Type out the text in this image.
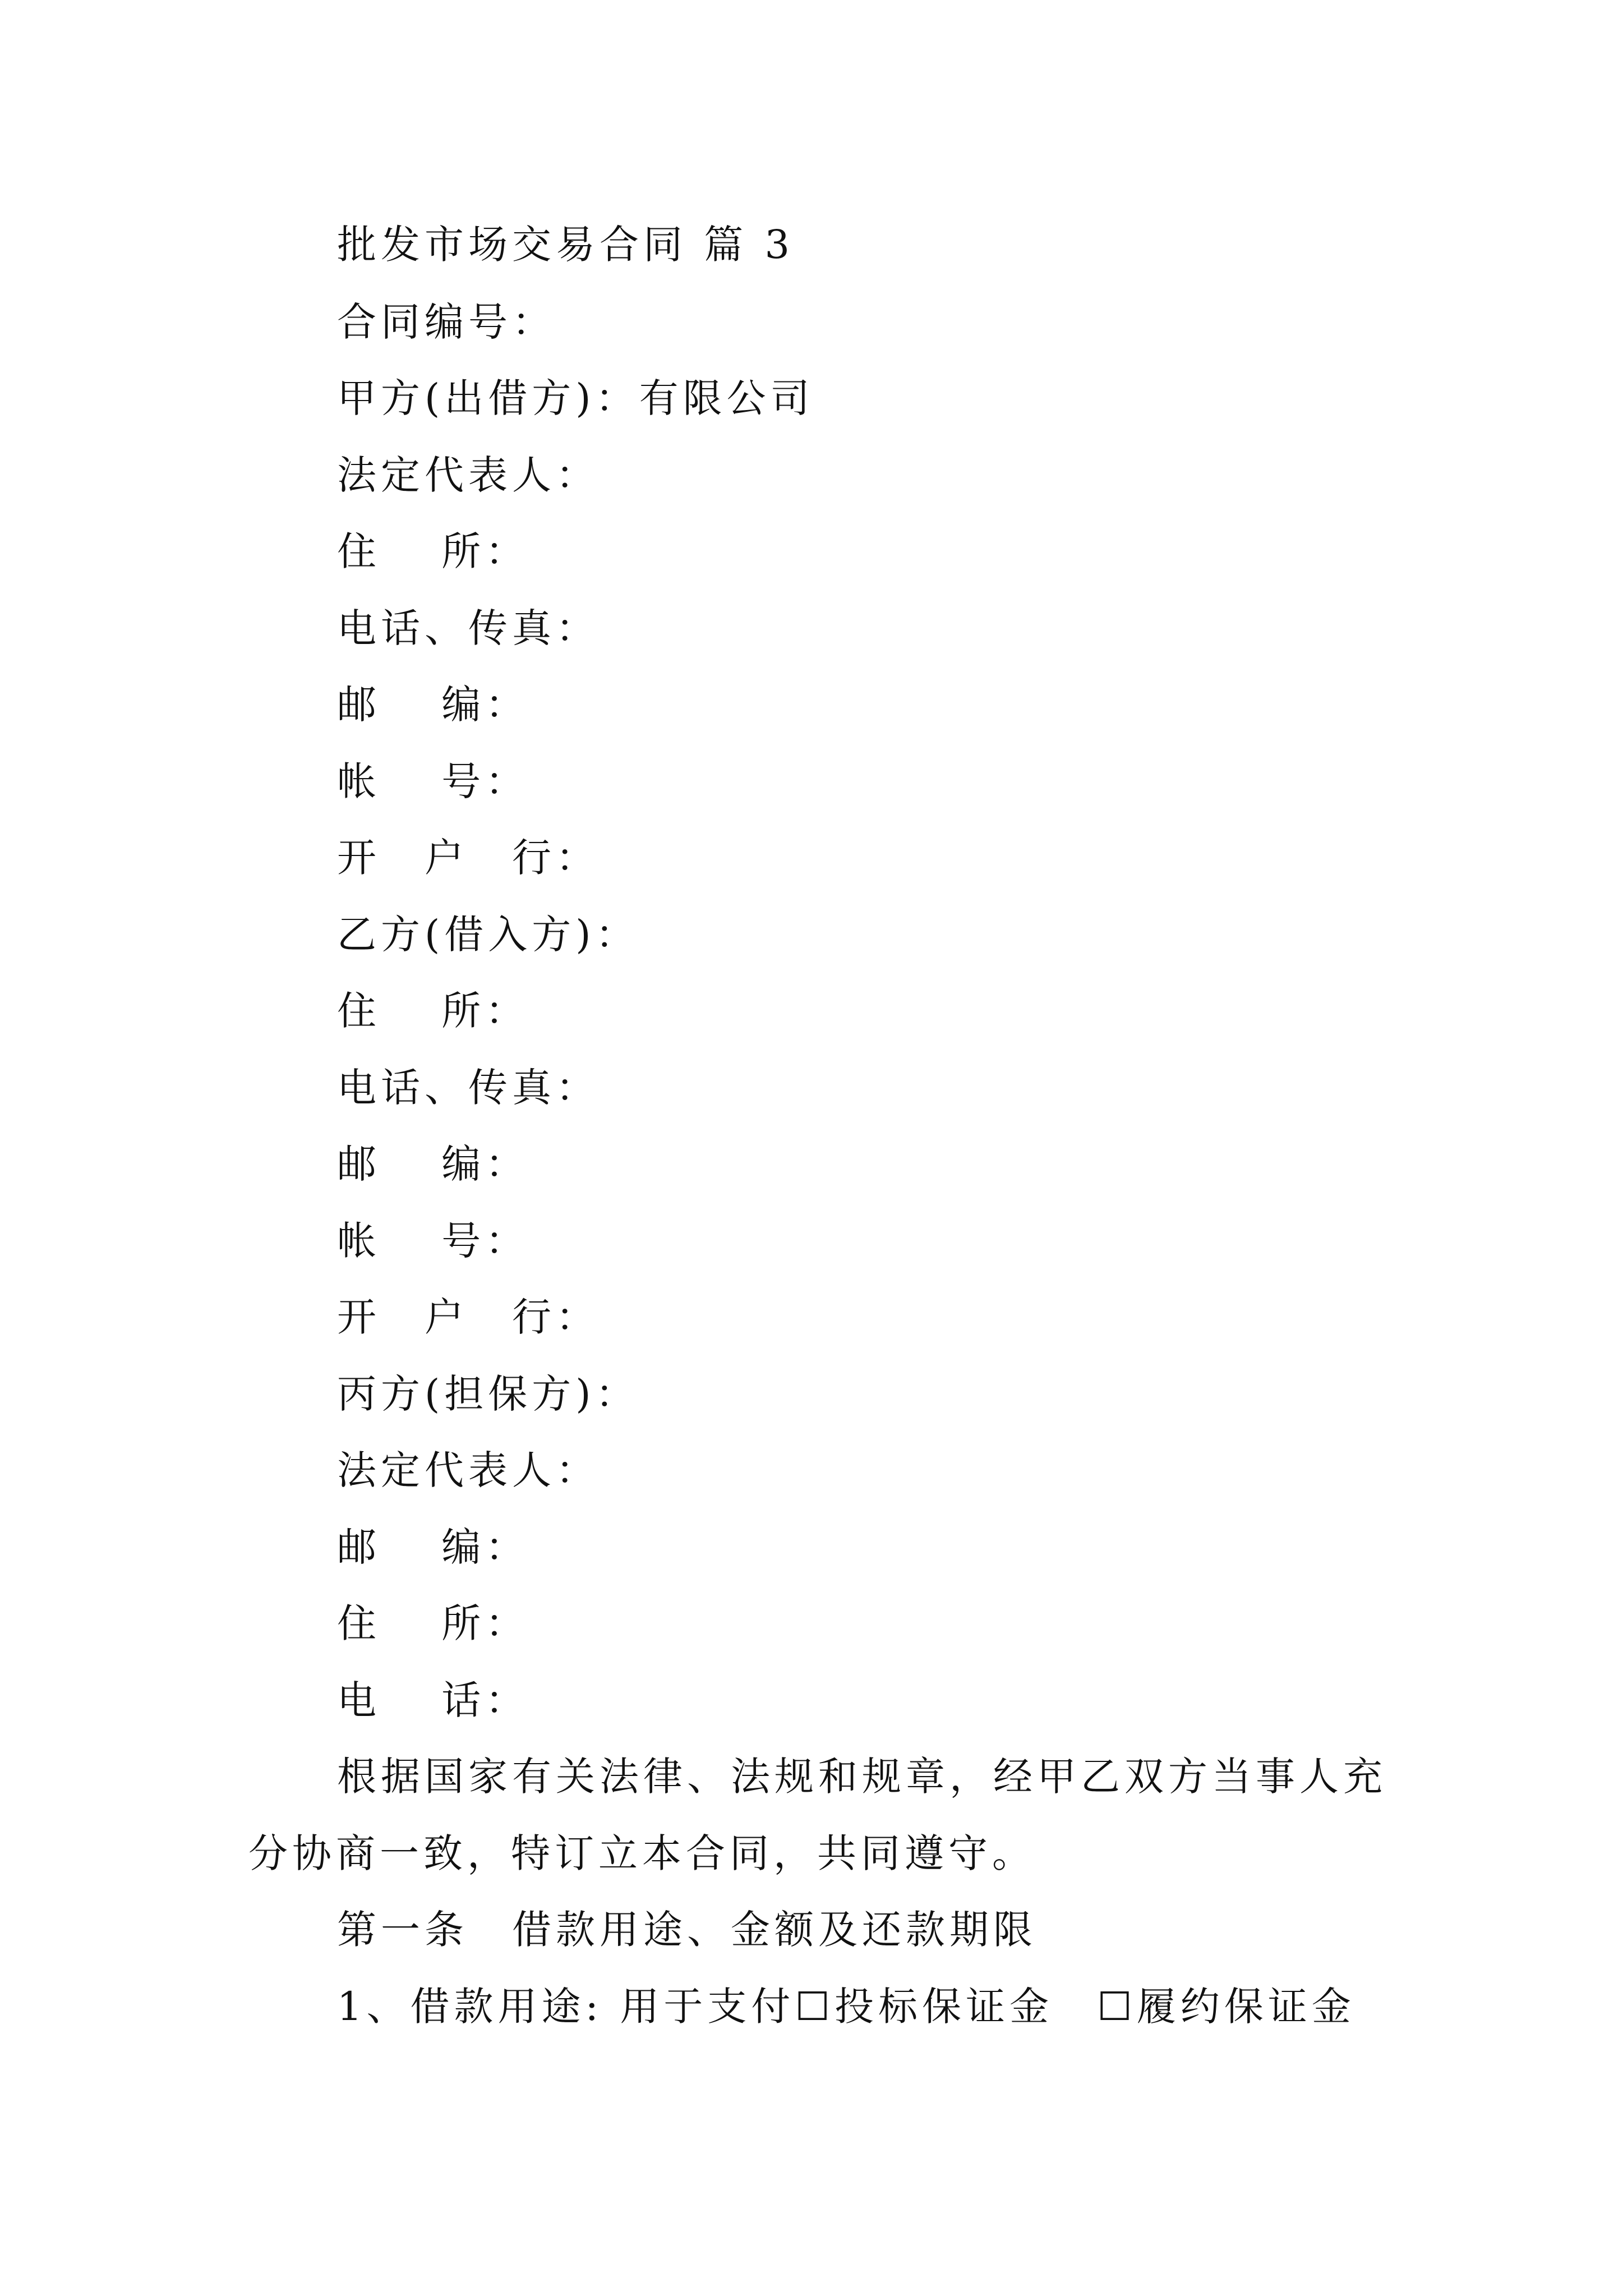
批发市场交易合同 篇 3
合同编号：
甲方(出借方)：有限公司
法定代表人：
住　 所：
电话、传真：
邮　 编：
帐　 号：
开　户　行：
乙方(借入方)：
住　 所：
电话、传真：
邮　 编：
帐　 号：
开　户　行：
丙方(担保方)：
法定代表人：
邮　 编：
住　 所：
电　 话：
根据国家有关法律、法规和规章，经甲乙双方当事人充
分协商一致，特订立本合同，共同遵守。
第一条　借款用途、金额及还款期限
1、借款用途: 用于支付☐投标保证金　☐履约保证金
